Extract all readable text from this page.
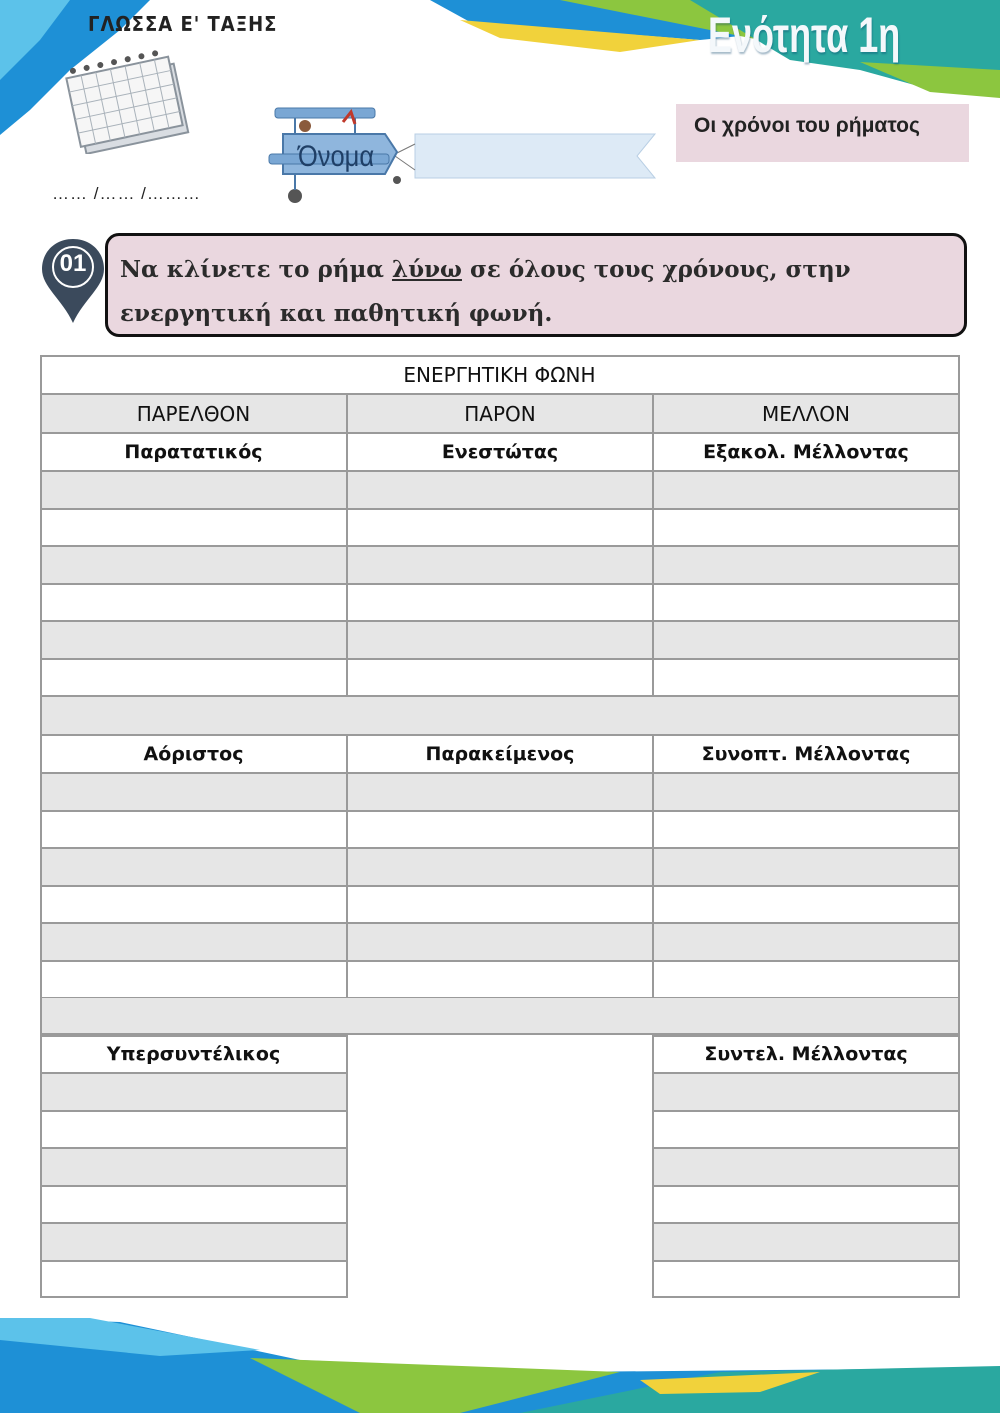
ΓΛΩΣΣΑ Ε' ΤΑΞΗΣ	Ενότητα 1η
…… /…… /………
Όνομα
Οι χρόνοι του ρήματος
01	Να κλίνετε το ρήμα λύνω σε όλους τους χρόνους, στην ενεργητική και παθητική φωνή.
Συντελ. Μέλλοντας
Υπερσυντέλικος
Συνοπτ. Μέλλοντας
Παρακείμενος
Αόριστος
Εξακολ. Μέλλοντας
Ενεστώτας
Παρατατικός
ΜΕΛΛΟΝ
ΠΑΡΟΝ
ΠΑΡΕΛΘΟΝ
ΕΝΕΡΓΗΤΙΚΗ ΦΩΝΗ
